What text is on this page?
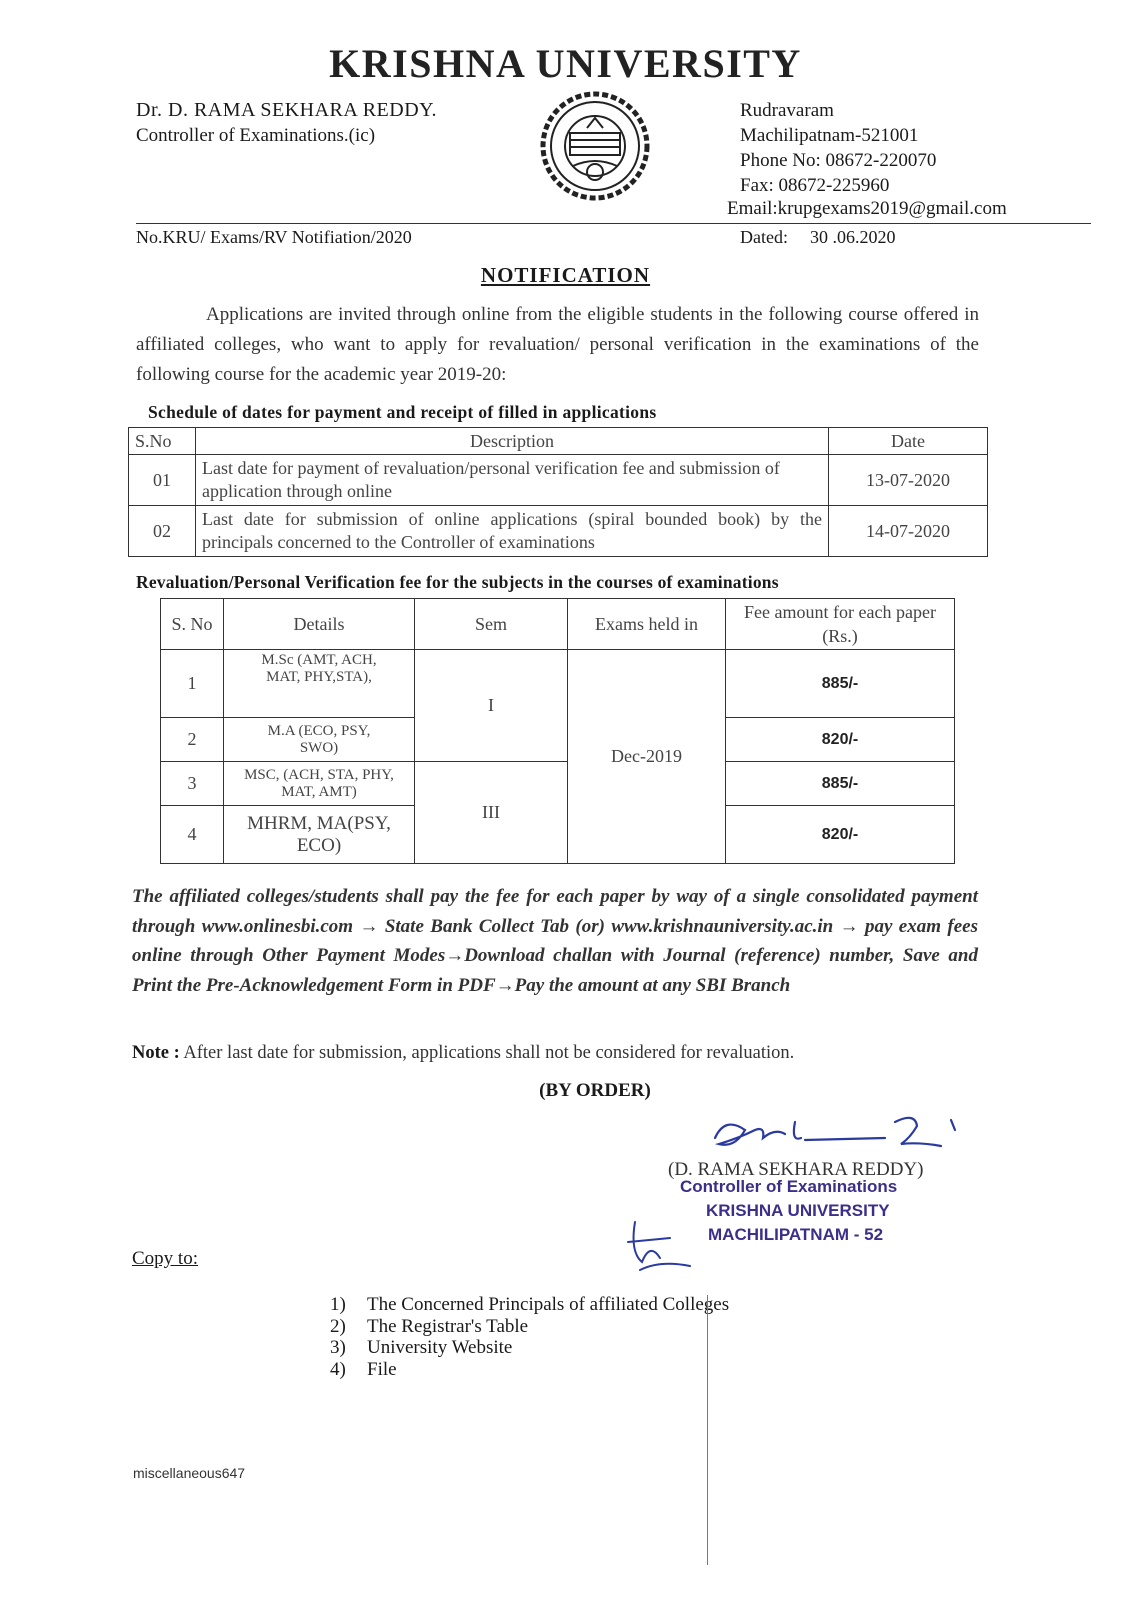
KRISHNA UNIVERSITY
Dr. D. RAMA SEKHARA REDDY.
Controller of Examinations.(ic)
Rudravaram
Machilipatnam-521001
Phone No: 08672-220070
Fax: 08672-225960
Email:krupgexams2019@gmail.com
No.KRU/ Exams/RV Notifiation/2020	Dated: 30 .06.2020
NOTIFICATION
Applications are invited through online from the eligible students in the following course offered in affiliated colleges, who want to apply for revaluation/ personal verification in the examinations of the following course for the academic year 2019-20:
Schedule of dates for payment and receipt of filled in applications
S.No	Description	Date
01	Last date for payment of revaluation/personal verification fee and submission of application through online	13-07-2020
02	Last date for submission of online applications (spiral bounded book) by the principals concerned to the Controller of examinations	14-07-2020
Revaluation/Personal Verification fee for the subjects in the courses of examinations
S. No	Details	Sem	Exams held in	Fee amount for each paper (Rs.)
1	M.Sc (AMT, ACH, MAT, PHY,STA),	I	Dec-2019	885/-
2	M.A (ECO, PSY, SWO)			820/-
3	MSC, (ACH, STA, PHY, MAT, AMT)	III		885/-
4	MHRM, MA(PSY, ECO)			820/-
The affiliated colleges/students shall pay the fee for each paper by way of a single consolidated payment through www.onlinesbi.com → State Bank Collect Tab (or) www.krishnauniversity.ac.in → pay exam fees online through Other Payment Modes→Download challan with Journal (reference) number, Save and Print the Pre-Acknowledgement Form in PDF→Pay the amount at any SBI Branch
Note : After last date for submission, applications shall not be considered for revaluation.
(BY ORDER)
(D. RAMA SEKHARA REDDY)
Controller of Examinations
KRISHNA UNIVERSITY
MACHILIPATNAM - 52
Copy to:
1) The Concerned Principals of affiliated Colleges
2) The Registrar's Table
3) University Website
4) File
miscellaneous647
